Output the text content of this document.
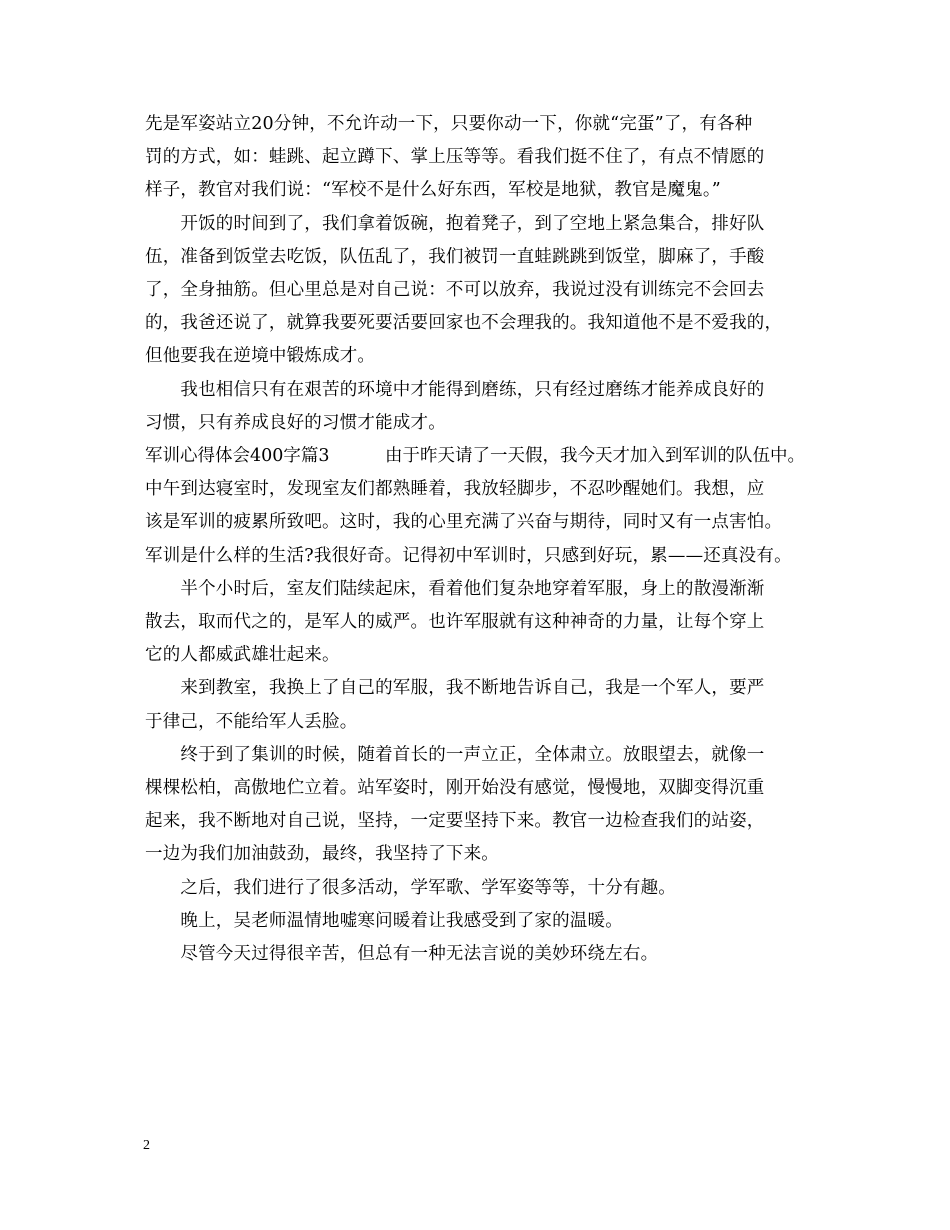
先是军姿站立20分钟，不允许动一下，只要你动一下，你就“完蛋”了，有各种
罚的方式，如：蛙跳、起立蹲下、掌上压等等。看我们挺不住了，有点不情愿的
样子，教官对我们说：“军校不是什么好东西，军校是地狱，教官是魔鬼。”
　　开饭的时间到了，我们拿着饭碗，抱着凳子，到了空地上紧急集合，排好队
伍，准备到饭堂去吃饭，队伍乱了，我们被罚一直蛙跳跳到饭堂，脚麻了，手酸
了，全身抽筋。但心里总是对自己说：不可以放弃，我说过没有训练完不会回去
的，我爸还说了，就算我要死要活要回家也不会理我的。我知道他不是不爱我的，
但他要我在逆境中锻炼成才。
　　我也相信只有在艰苦的环境中才能得到磨练，只有经过磨练才能养成良好的
习惯，只有养成良好的习惯才能成才。
军训心得体会400字篇3	由于昨天请了一天假，我今天才加入到军训的队伍中。
中午到达寝室时，发现室友们都熟睡着，我放轻脚步，不忍吵醒她们。我想，应
该是军训的疲累所致吧。这时，我的心里充满了兴奋与期待，同时又有一点害怕。
军训是什么样的生活?我很好奇。记得初中军训时，只感到好玩，累——还真没有。
　　半个小时后，室友们陆续起床，看着他们复杂地穿着军服，身上的散漫渐渐
散去，取而代之的，是军人的威严。也许军服就有这种神奇的力量，让每个穿上
它的人都威武雄壮起来。
　　来到教室，我换上了自己的军服，我不断地告诉自己，我是一个军人，要严
于律己，不能给军人丢脸。
　　终于到了集训的时候，随着首长的一声立正，全体肃立。放眼望去，就像一
棵棵松柏，高傲地伫立着。站军姿时，刚开始没有感觉，慢慢地，双脚变得沉重
起来，我不断地对自己说，坚持，一定要坚持下来。教官一边检查我们的站姿，
一边为我们加油鼓劲，最终，我坚持了下来。
　　之后，我们进行了很多活动，学军歌、学军姿等等，十分有趣。
　　晚上，吴老师温情地嘘寒问暖着让我感受到了家的温暖。
　　尽管今天过得很辛苦，但总有一种无法言说的美妙环绕左右。
2
